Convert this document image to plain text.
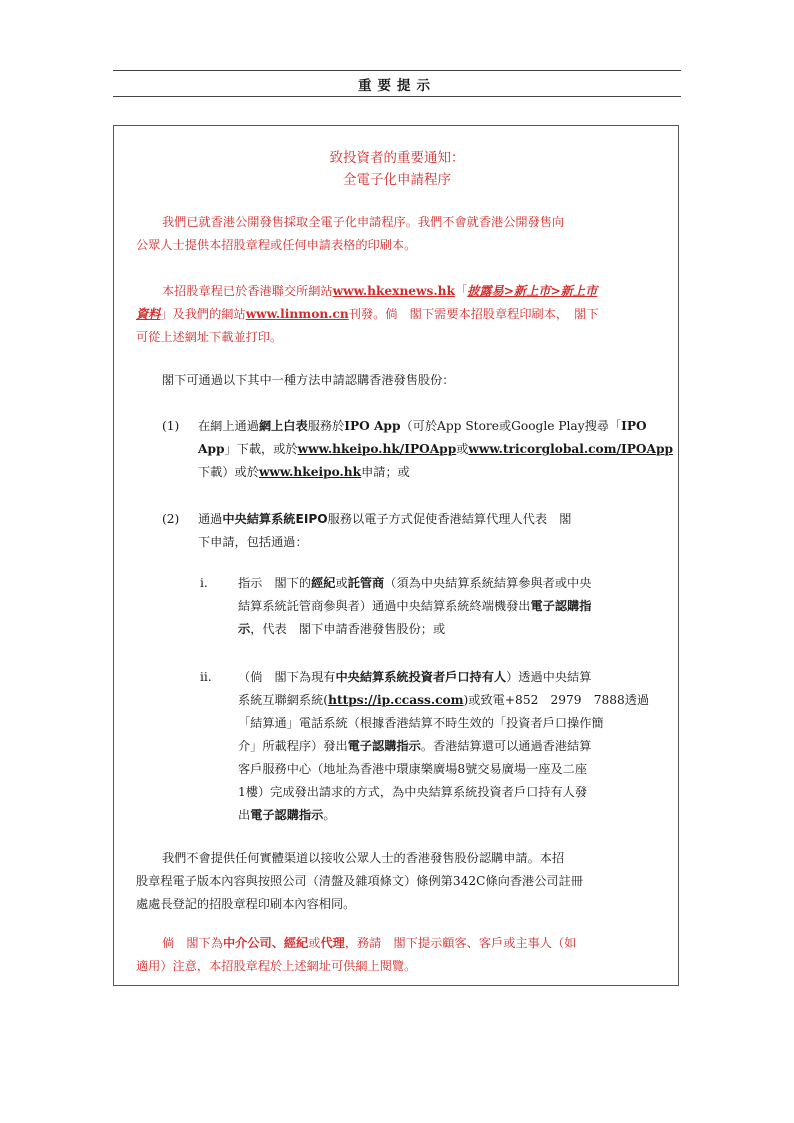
重要提示
致投資者的重要通知：
全電子化申請程序
我們已就香港公開發售採取全電子化申請程序。我們不會就香港公開發售向
公眾人士提供本招股章程或任何申請表格的印刷本。
本招股章程已於香港聯交所網站www.hkexnews.hk「披露易>新上市>新上市
資料」及我們的網站www.linmon.cn刊發。倘　閣下需要本招股章程印刷本，　閣下
可從上述網址下載並打印。
閣下可通過以下其中一種方法申請認購香港發售股份：
(1) 在網上通過網上白表服務於IPO App（可於App Store或Google Play搜尋「IPO
App」下載，或於www.hkeipo.hk/IPOApp或www.tricorglobal.com/IPOApp
下載）或於www.hkeipo.hk申請；或
(2) 通過中央結算系統EIPO服務以電子方式促使香港結算代理人代表　閣
下申請，包括通過：
i. 指示　閣下的經紀或託管商（須為中央結算系統結算參與者或中央
結算系統託管商參與者）通過中央結算系統終端機發出電子認購指
示，代表　閣下申請香港發售股份；或
ii. （倘　閣下為現有中央結算系統投資者戶口持有人）透過中央結算
系統互聯網系統(https://ip.ccass.com)或致電+852　2979　7888透過
「結算通」電話系統（根據香港結算不時生效的「投資者戶口操作簡
介」所載程序）發出電子認購指示。香港結算還可以通過香港結算
客戶服務中心（地址為香港中環康樂廣場8號交易廣場一座及二座
1樓）完成發出請求的方式，為中央結算系統投資者戶口持有人發
出電子認購指示。
我們不會提供任何實體渠道以接收公眾人士的香港發售股份認購申請。本招
股章程電子版本內容與按照公司（清盤及雜項條文）條例第342C條向香港公司註冊
處處長登記的招股章程印刷本內容相同。
倘　閣下為中介公司、經紀或代理，務請　閣下提示顧客、客戶或主事人（如
適用）注意，本招股章程於上述網址可供網上閱覽。
